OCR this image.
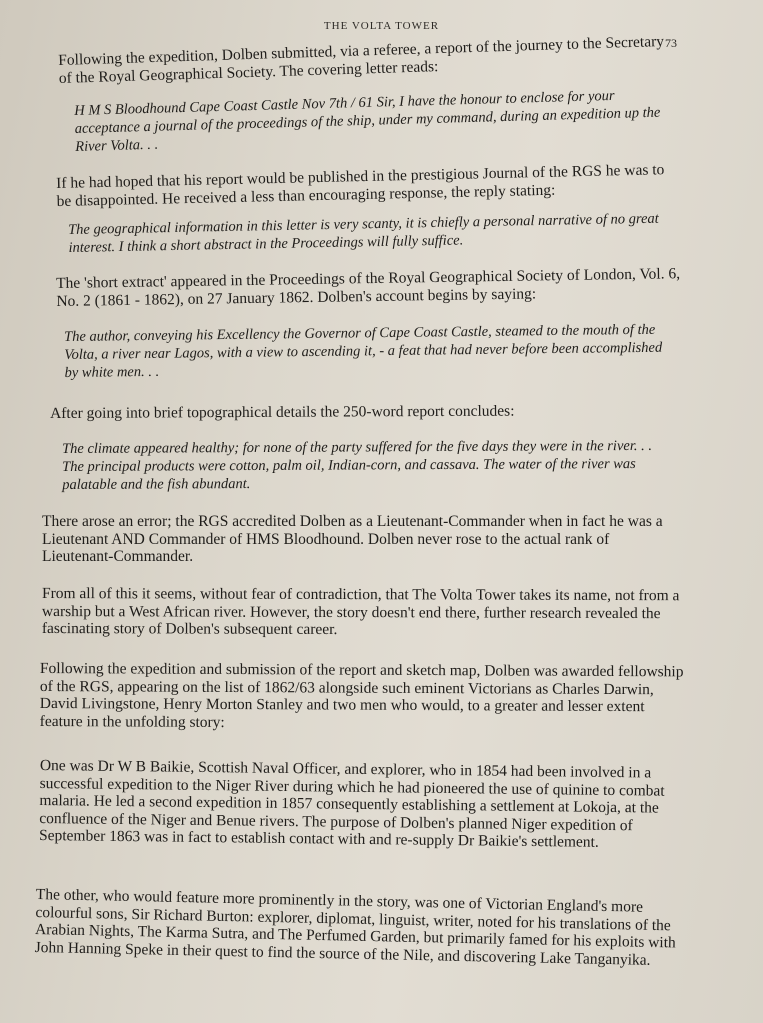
THE VOLTA TOWER
73

Following the expedition, Dolben submitted, via a referee, a report of the journey to the Secretary of the Royal Geographical Society. The covering letter reads:

H M S Bloodhound Cape Coast Castle Nov 7th / 61 Sir, I have the honour to enclose for your acceptance a journal of the proceedings of the ship, under my command, during an expedition up the River Volta. . .

If he had hoped that his report would be published in the prestigious Journal of the RGS he was to be disappointed. He received a less than encouraging response, the reply stating:

The geographical information in this letter is very scanty, it is chiefly a personal narrative of no great interest. I think a short abstract in the Proceedings will fully suffice.

The 'short extract' appeared in the Proceedings of the Royal Geographical Society of London, Vol. 6, No. 2 (1861 - 1862), on 27 January 1862. Dolben's account begins by saying:

The author, conveying his Excellency the Governor of Cape Coast Castle, steamed to the mouth of the Volta, a river near Lagos, with a view to ascending it, - a feat that had never before been accomplished by white men. . .

After going into brief topographical details the 250-word report concludes:

The climate appeared healthy; for none of the party suffered for the five days they were in the river. . . The principal products were cotton, palm oil, Indian-corn, and cassava. The water of the river was palatable and the fish abundant.

There arose an error; the RGS accredited Dolben as a Lieutenant-Commander when in fact he was a Lieutenant AND Commander of HMS Bloodhound. Dolben never rose to the actual rank of Lieutenant-Commander.

From all of this it seems, without fear of contradiction, that The Volta Tower takes its name, not from a warship but a West African river. However, the story doesn't end there, further research revealed the fascinating story of Dolben's subsequent career.

Following the expedition and submission of the report and sketch map, Dolben was awarded fellowship of the RGS, appearing on the list of 1862/63 alongside such eminent Victorians as Charles Darwin, David Livingstone, Henry Morton Stanley and two men who would, to a greater and lesser extent feature in the unfolding story:

One was Dr W B Baikie, Scottish Naval Officer, and explorer, who in 1854 had been involved in a successful expedition to the Niger River during which he had pioneered the use of quinine to combat malaria. He led a second expedition in 1857 consequently establishing a settlement at Lokoja, at the confluence of the Niger and Benue rivers. The purpose of Dolben's planned Niger expedition of September 1863 was in fact to establish contact with and re-supply Dr Baikie's settlement.

The other, who would feature more prominently in the story, was one of Victorian England's more colourful sons, Sir Richard Burton: explorer, diplomat, linguist, writer, noted for his translations of the Arabian Nights, The Karma Sutra, and The Perfumed Garden, but primarily famed for his exploits with John Hanning Speke in their quest to find the source of the Nile, and discovering Lake Tanganyika.
